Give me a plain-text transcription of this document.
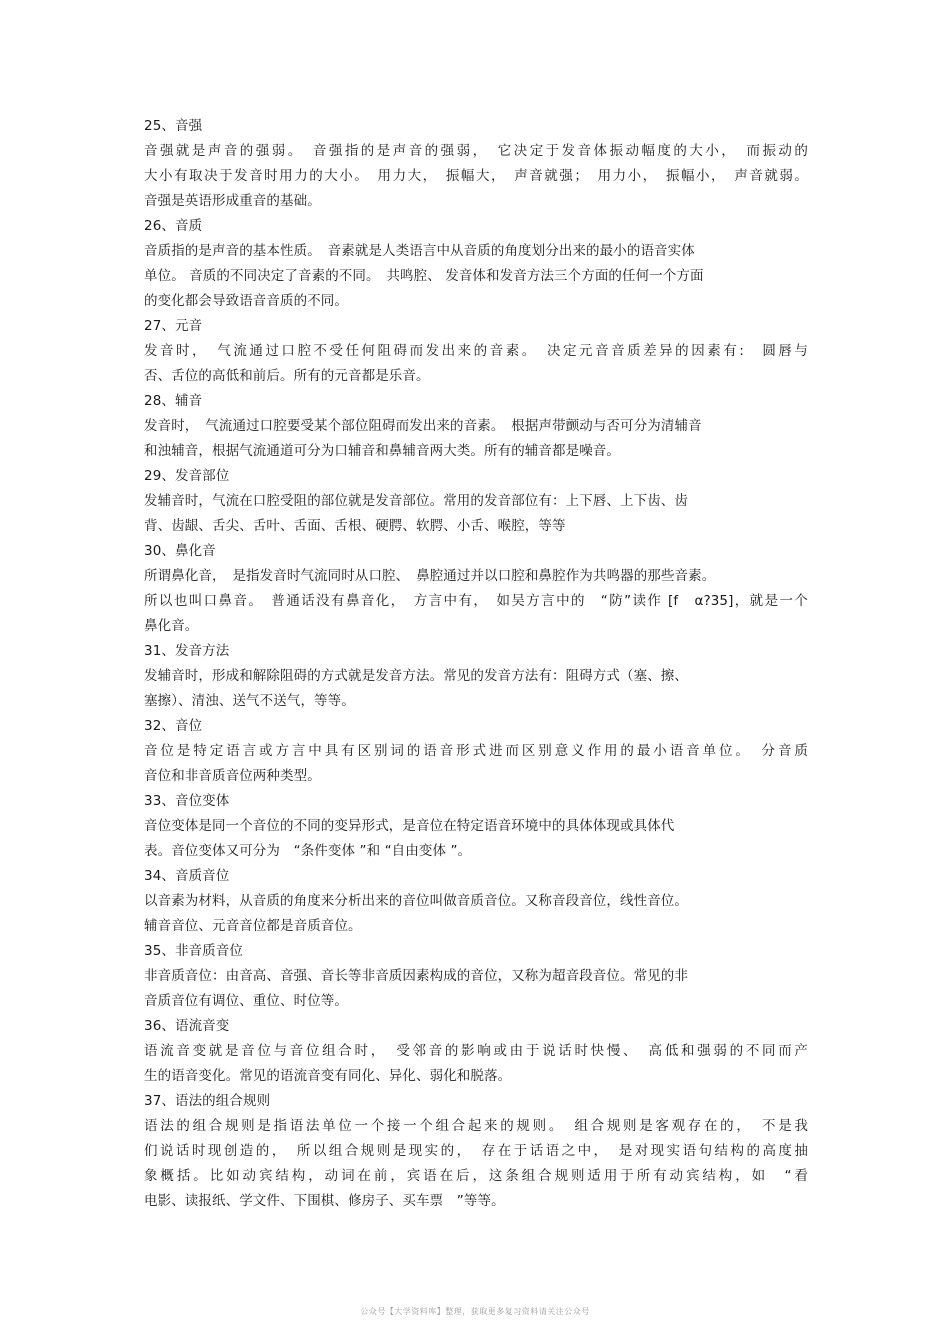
25、音强
音强就是声音的强弱。　音强指的是声音的强弱，　它决定于发音体振动幅度的大小，　而振动的
大小有取决于发音时用力的大小。　用力大，　振幅大，　声音就强；　用力小，　振幅小，　声音就弱。
音强是英语形成重音的基础。
26、音质
音质指的是声音的基本性质。　音素就是人类语言中从音质的角度划分出来的最小的语音实体
单位。 音质的不同决定了音素的不同。　共鸣腔、 发音体和发音方法三个方面的任何一个方面
的变化都会导致语音音质的不同。
27、元音
发音时，　气流通过口腔不受任何阻碍而发出来的音素。　决定元音音质差异的因素有:　圆唇与
否、舌位的高低和前后。所有的元音都是乐音。
28、辅音
发音时，　气流通过口腔要受某个部位阻碍而发出来的音素。　根据声带颤动与否可分为清辅音
和浊辅音，根据气流通道可分为口辅音和鼻辅音两大类。所有的辅音都是噪音。
29、发音部位
发辅音时，气流在口腔受阻的部位就是发音部位。常用的发音部位有：上下唇、上下齿、齿
背、齿龈、舌尖、舌叶、舌面、舌根、硬腭、软腭、小舌、喉腔，等等
30、鼻化音
所谓鼻化音，　是指发音时气流同时从口腔、　鼻腔通过并以口腔和鼻腔作为共鸣器的那些音素。
所以也叫口鼻音。　普通话没有鼻音化，　方言中有，　如吴方言中的　“防”读作 [f　α?35]，就是一个
鼻化音。
31、发音方法
发辅音时，形成和解除阻碍的方式就是发音方法。常见的发音方法有：阻碍方式（塞、擦、
塞擦）、清浊、送气不送气，等等。
32、音位
音位是特定语言或方言中具有区别词的语音形式进而区别意义作用的最小语音单位。　分音质
音位和非音质音位两种类型。
33、音位变体
音位变体是同一个音位的不同的变异形式，是音位在特定语音环境中的具体体现或具体代
表。音位变体又可分为　“条件变体 ”和 “自由变体 ”。
34、音质音位
以音素为材料，从音质的角度来分析出来的音位叫做音质音位。又称音段音位，线性音位。
辅音音位、元音音位都是音质音位。
35、非音质音位
非音质音位：由音高、音强、音长等非音质因素构成的音位，又称为超音段音位。常见的非
音质音位有调位、重位、时位等。
36、语流音变
语流音变就是音位与音位组合时，　受邻音的影响或由于说话时快慢、　高低和强弱的不同而产
生的语音变化。常见的语流音变有同化、异化、弱化和脱落。
37、语法的组合规则
语法的组合规则是指语法单位一个接一个组合起来的规则。　组合规则是客观存在的，　不是我
们说话时现创造的，　所以组合规则是现实的，　存在于话语之中，　是对现实语句结构的高度抽
象概括。比如动宾结构，动词在前，宾语在后，这条组合规则适用于所有动宾结构，如　“看
电影、读报纸、学文件、下围棋、修房子、买车票　”等等。
公众号【大学资料库】整理，获取更多复习资料请关注公众号
